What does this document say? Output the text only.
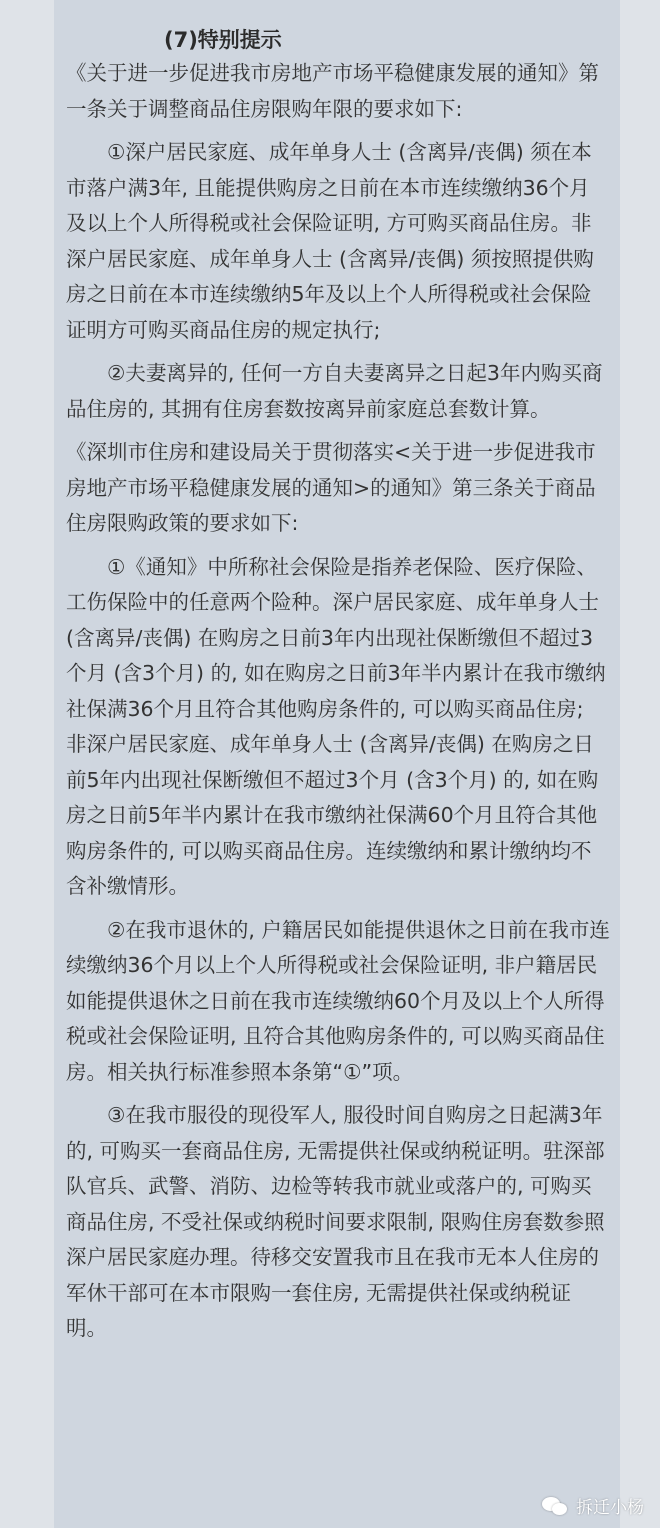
(7)特别提示

《关于进一步促进我市房地产市场平稳健康发展的通知》第一条关于调整商品住房限购年限的要求如下:

①深户居民家庭、成年单身人士 (含离异/丧偶) 须在本市落户满3年, 且能提供购房之日前在本市连续缴纳36个月及以上个人所得税或社会保险证明, 方可购买商品住房。非深户居民家庭、成年单身人士 (含离异/丧偶) 须按照提供购房之日前在本市连续缴纳5年及以上个人所得税或社会保险证明方可购买商品住房的规定执行;

②夫妻离异的, 任何一方自夫妻离异之日起3年内购买商品住房的, 其拥有住房套数按离异前家庭总套数计算。

《深圳市住房和建设局关于贯彻落实<关于进一步促进我市房地产市场平稳健康发展的通知>的通知》第三条关于商品住房限购政策的要求如下:

①《通知》中所称社会保险是指养老保险、医疗保险、工伤保险中的任意两个险种。深户居民家庭、成年单身人士 (含离异/丧偶) 在购房之日前3年内出现社保断缴但不超过3个月 (含3个月) 的, 如在购房之日前3年半内累计在我市缴纳社保满36个月且符合其他购房条件的, 可以购买商品住房; 非深户居民家庭、成年单身人士 (含离异/丧偶) 在购房之日前5年内出现社保断缴但不超过3个月 (含3个月) 的, 如在购房之日前5年半内累计在我市缴纳社保满60个月且符合其他购房条件的, 可以购买商品住房。连续缴纳和累计缴纳均不含补缴情形。

②在我市退休的, 户籍居民如能提供退休之日前在我市连续缴纳36个月以上个人所得税或社会保险证明, 非户籍居民如能提供退休之日前在我市连续缴纳60个月及以上个人所得税或社会保险证明, 且符合其他购房条件的, 可以购买商品住房。相关执行标准参照本条第“①”项。

③在我市服役的现役军人, 服役时间自购房之日起满3年的, 可购买一套商品住房, 无需提供社保或纳税证明。驻深部队官兵、武警、消防、边检等转我市就业或落户的, 可购买商品住房, 不受社保或纳税时间要求限制, 限购住房套数参照深户居民家庭办理。待移交安置我市且在我市无本人住房的军休干部可在本市限购一套住房, 无需提供社保或纳税证明。

拆迁小杨
